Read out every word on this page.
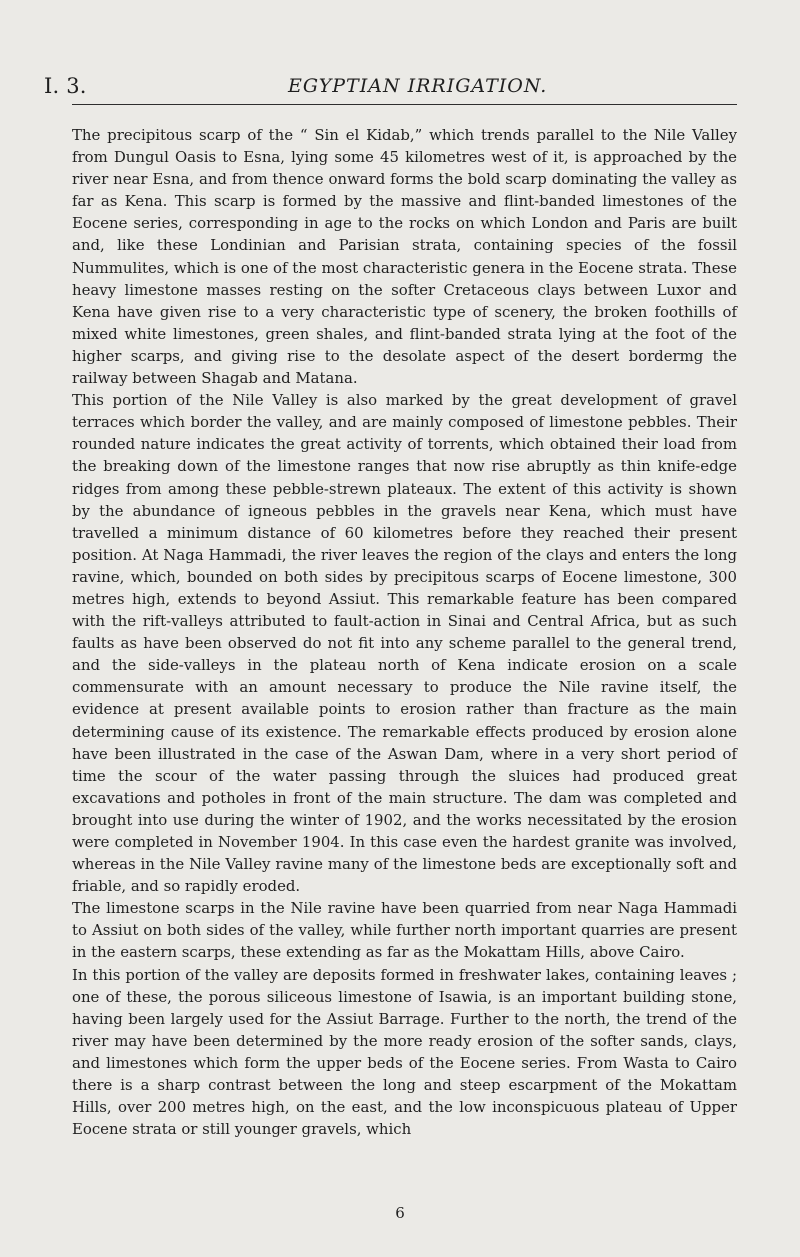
I. 3.	EGYPTIAN IRRIGATION.

The precipitous scarp of the “ Sin el Kidab,” which trends parallel to the Nile Valley from Dungul Oasis to Esna, lying some 45 kilometres west of it, is approached by the river near Esna, and from thence onward forms the bold scarp dominating the valley as far as Kena. This scarp is formed by the massive and flint-banded limestones of the Eocene series, corresponding in age to the rocks on which London and Paris are built and, like these Londinian and Parisian strata, containing species of the fossil Nummulites, which is one of the most characteristic genera in the Eocene strata. These heavy limestone masses resting on the softer Cretaceous clays between Luxor and Kena have given rise to a very characteristic type of scenery, the broken foothills of mixed white limestones, green shales, and flint-banded strata lying at the foot of the higher scarps, and giving rise to the desolate aspect of the desert bordermg the railway between Shagab and Matana.

This portion of the Nile Valley is also marked by the great development of gravel terraces which border the valley, and are mainly composed of limestone pebbles. Their rounded nature indicates the great activity of torrents, which obtained their load from the breaking down of the limestone ranges that now rise abruptly as thin knife-edge ridges from among these pebble-strewn plateaux. The extent of this activity is shown by the abundance of igneous pebbles in the gravels near Kena, which must have travelled a minimum distance of 60 kilometres before they reached their present position. At Naga Hammadi, the river leaves the region of the clays and enters the long ravine, which, bounded on both sides by precipitous scarps of Eocene limestone, 300 metres high, extends to beyond Assiut. This remarkable feature has been compared with the rift-valleys attributed to fault-action in Sinai and Central Africa, but as such faults as have been observed do not fit into any scheme parallel to the general trend, and the side-valleys in the plateau north of Kena indicate erosion on a scale commensurate with an amount necessary to produce the Nile ravine itself, the evidence at present available points to erosion rather than fracture as the main determining cause of its existence. The remarkable effects produced by erosion alone have been illustrated in the case of the Aswan Dam, where in a very short period of time the scour of the water passing through the sluices had produced great excavations and potholes in front of the main structure. The dam was completed and brought into use during the winter of 1902, and the works necessitated by the erosion were completed in November 1904. In this case even the hardest granite was involved, whereas in the Nile Valley ravine many of the limestone beds are exceptionally soft and friable, and so rapidly eroded.

The limestone scarps in the Nile ravine have been quarried from near Naga Hammadi to Assiut on both sides of the valley, while further north important quarries are present in the eastern scarps, these extending as far as the Mokattam Hills, above Cairo.

In this portion of the valley are deposits formed in freshwater lakes, containing leaves ; one of these, the porous siliceous limestone of Isawia, is an important building stone, having been largely used for the Assiut Barrage. Further to the north, the trend of the river may have been determined by the more ready erosion of the softer sands, clays, and limestones which form the upper beds of the Eocene series. From Wasta to Cairo there is a sharp contrast between the long and steep escarpment of the Mokattam Hills, over 200 metres high, on the east, and the low inconspicuous plateau of Upper Eocene strata or still younger gravels, which

6
